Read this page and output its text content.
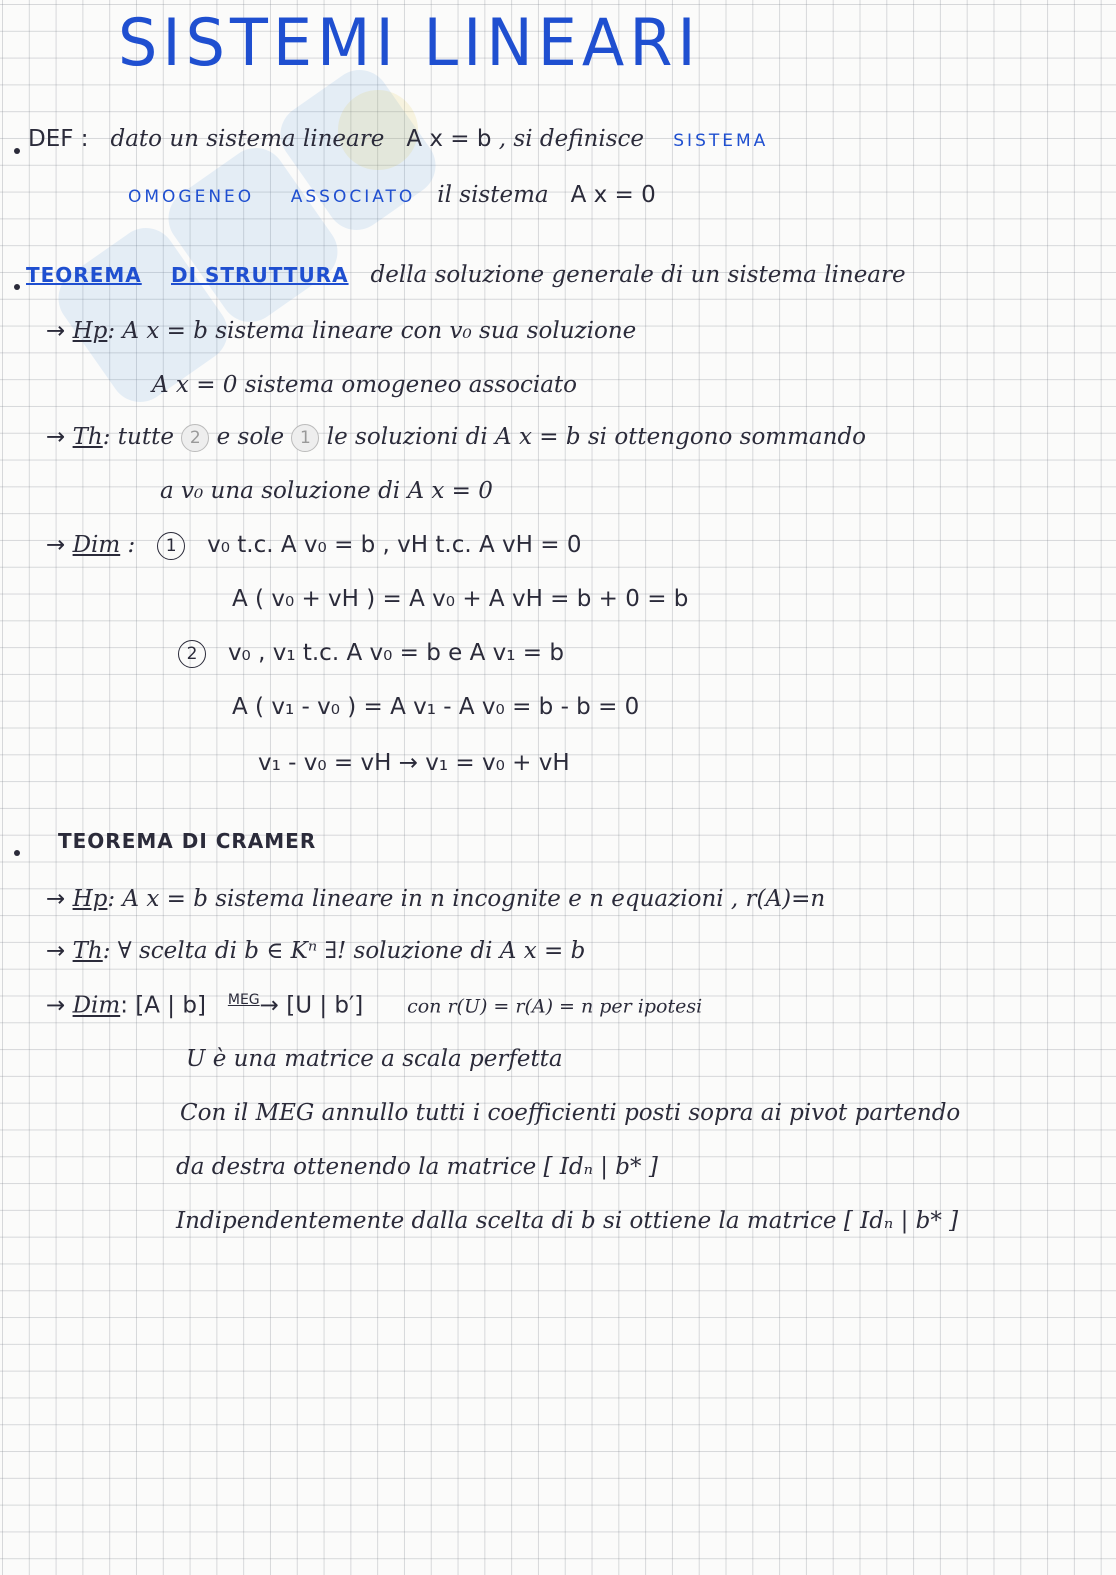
SISTEMI LINEARI
DEF : dato un sistema lineare A x = b , si definisce SISTEMA
OMOGENEO ASSOCIATO il sistema A x = 0
TEOREMA DI STRUTTURA della soluzione generale di un sistema lineare
→ Hp: A x = b sistema lineare con v₀ sua soluzione
A x = 0 sistema omogeneo associato
→ Th: tutte 2 e sole 1 le soluzioni di A x = b si ottengono sommando
a v₀ una soluzione di A x = 0
→ Dim :   1 v₀ t.c. A v₀ = b , vH t.c. A vH = 0
A ( v₀ + vH ) = A v₀ + A vH = b + 0 = b
2 v₀ , v₁ t.c. A v₀ = b e A v₁ = b
A ( v₁ - v₀ ) = A v₁ - A v₀ = b - b = 0
v₁ - v₀ = vH → v₁ = v₀ + vH
TEOREMA DI CRAMER
→ Hp: A x = b sistema lineare in n incognite e n equazioni , r(A)=n
→ Th: ∀ scelta di b ∈ Kⁿ ∃! soluzione di A x = b
→ Dim: [A | b] $^{MEG}$→ [U | b′] con r(U) = r(A) = n per ipotesi
U è una matrice a scala perfetta
Con il MEG annullo tutti i coefficienti posti sopra ai pivot partendo
da destra ottenendo la matrice [ Idₙ | b* ]
Indipendentemente dalla scelta di b si ottiene la matrice [ Idₙ | b* ]
